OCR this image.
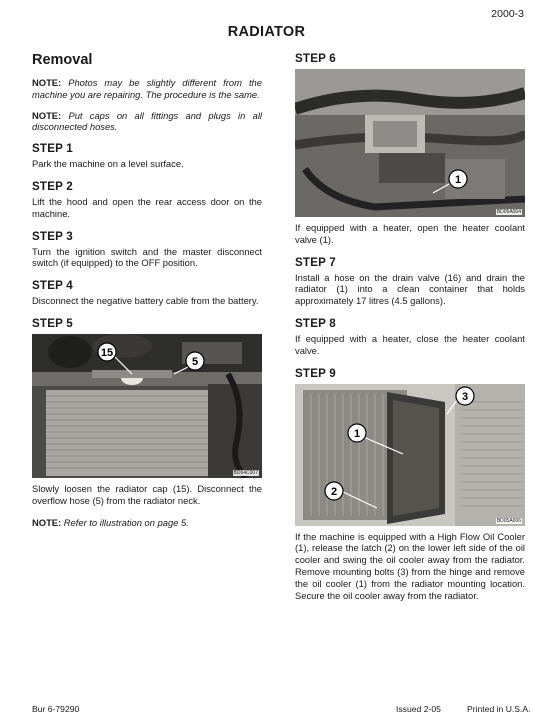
2000-3
RADIATOR
Removal

NOTE: Photos may be slightly different from the machine you are repairing. The procedure is the same.

NOTE: Put caps on all fittings and plugs in all disconnected hoses.

STEP 1

Park the machine on a level surface.

STEP 2

Lift the hood and open the rear access door on the machine.

STEP 3

Turn the ignition switch and the master disconnect switch (if equipped) to the OFF position.

STEP 4

Disconnect the negative battery cable from the battery.

STEP 5
15
5
BD04C007

Slowly loosen the radiator cap (15). Disconnect the overflow hose (5) from the radiator neck.

NOTE: Refer to illustration on page 5.

STEP 6
1
BD05A004

If equipped with a heater, open the heater coolant valve (1).

STEP 7

Install a hose on the drain valve (16) and drain the radiator (1) into a clean container that holds approximately 17 litres (4.5 gallons).

STEP 8

If equipped with a heater, close the heater coolant valve.

STEP 9
1
2
3
BD05A006

If the machine is equipped with a High Flow Oil Cooler (1), release the latch (2) on the lower left side of the oil cooler and swing the oil cooler away from the radiator. Remove mounting bolts (3) from the hinge and remove the oil cooler (1) from the radiator mounting location. Secure the oil cooler away from the radiator.

Bur 6-79290	Issued 2-05	Printed in U.S.A.
